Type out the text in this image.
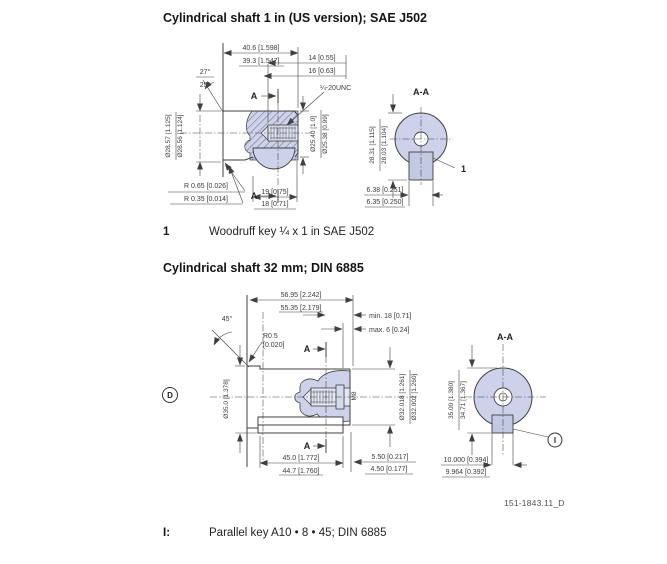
Cylindrical shaft 1 in (US version); SAE J502
40.6 [1.598]
39.3 [1.547]	14 [0.55]
16 [0.63]
27°
25°	¼-20UNC
Ø28.57 [1.125] Ø28.56 [1.124]	Ø25.40 [1.0] Ø25.38 [0.99]
R 0.65 [0.026]
R 0.35 [0.014]
19 [0.75]
18 [0.71]
A
A
A-A
28.31 [1.115] 28.03 [1.104]
6.38 [0.251]
6.35 [0.250]
1
1	Woodruff key ¼ x 1 in SAE J502
Cylindrical shaft 32 mm; DIN 6885
56.95 [2.242]
55.35 [2.179]
min. 18 [0.71]
max. 6 [0.24]
45°
R0.5
[0.020]
D	Ø35.0 [1.378]
A
A
M8	Ø32.018 [1.261] Ø32.002 [1.260]
45.0 [1.772]
44.7 [1.760]
5.50 [0.217]
4.50 [0.177]
A-A
35.00 [1.380] 34.71 [1.367]
10.000 [0.394]
9.964 [0.392]
I
151-1843.11_D
I:	Parallel key A10 • 8 • 45; DIN 6885
